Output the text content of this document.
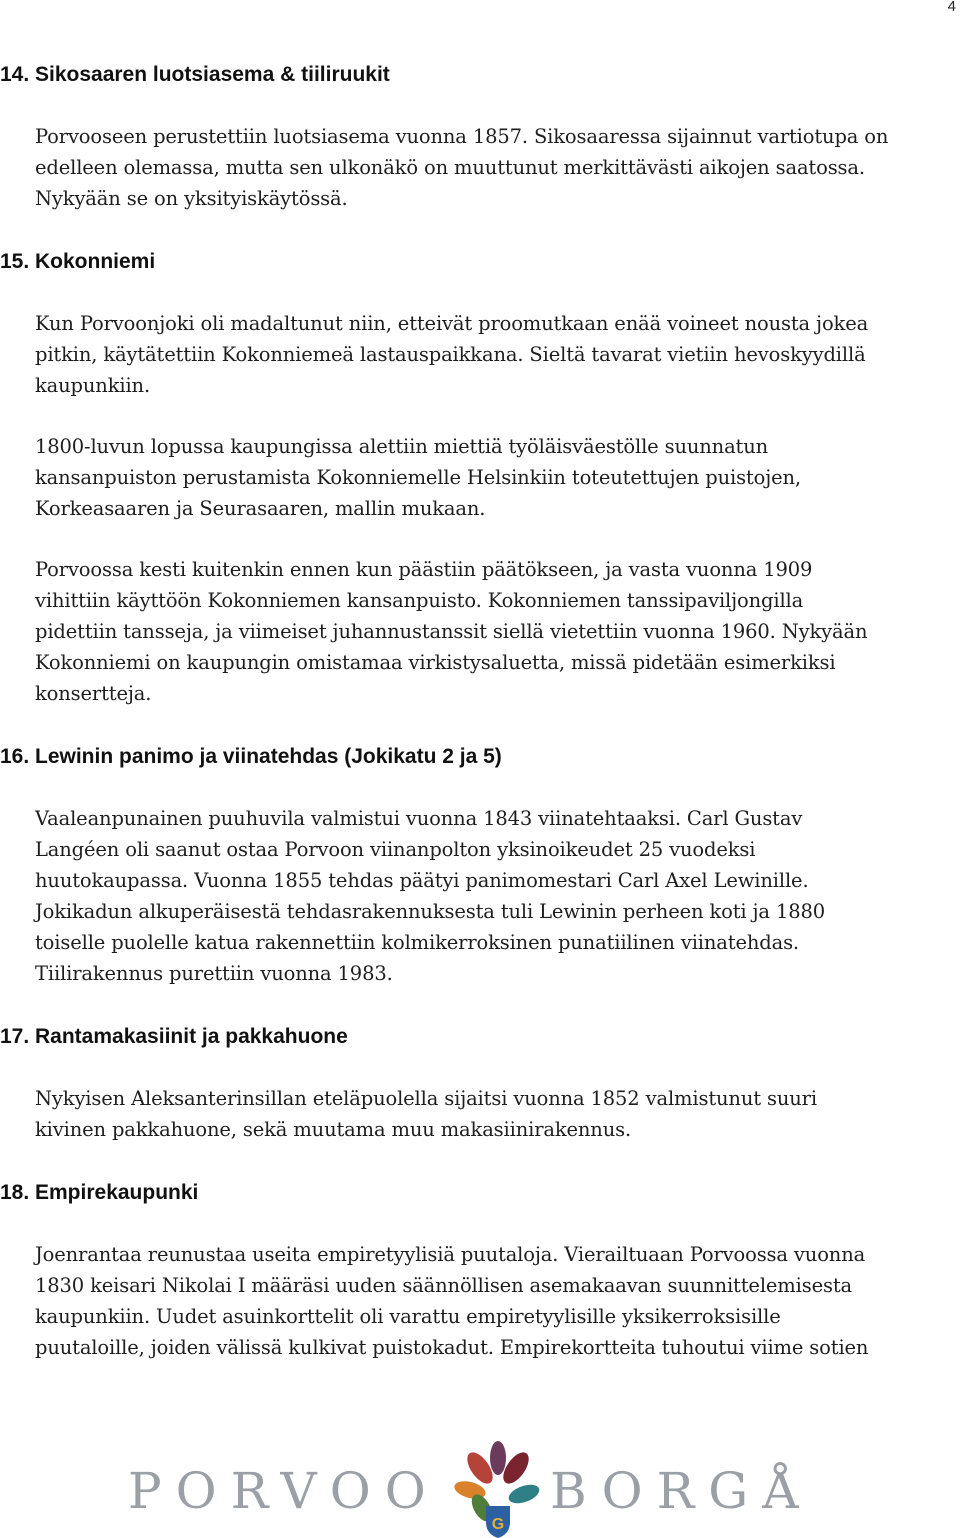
4
14. Sikosaaren luotsiasema & tiiliruukit
Porvooseen perustettiin luotsiasema vuonna 1857. Sikosaaressa sijainnut vartiotupa on
edelleen olemassa, mutta sen ulkonäkö on muuttunut merkittävästi aikojen saatossa.
Nykyään se on yksityiskäytössä.
15. Kokonniemi
Kun Porvoonjoki oli madaltunut niin, etteivät proomutkaan enää voineet nousta jokea
pitkin, käytätettiin Kokonniemeä lastauspaikkana. Sieltä tavarat vietiin hevoskyydillä
kaupunkiin.
1800-luvun lopussa kaupungissa alettiin miettiä työläisväestölle suunnatun
kansanpuiston perustamista Kokonniemelle Helsinkiin toteutettujen puistojen,
Korkeasaaren ja Seurasaaren, mallin mukaan.
Porvoossa kesti kuitenkin ennen kun päästiin päätökseen, ja vasta vuonna 1909
vihittiin käyttöön Kokonniemen kansanpuisto. Kokonniemen tanssipaviljongilla
pidettiin tansseja, ja viimeiset juhannustanssit siellä vietettiin vuonna 1960. Nykyään
Kokonniemi on kaupungin omistamaa virkistysaluetta, missä pidetään esimerkiksi
konsertteja.
16. Lewinin panimo ja viinatehdas (Jokikatu 2 ja 5)
Vaaleanpunainen puuhuvila valmistui vuonna 1843 viinatehtaaksi. Carl Gustav
Langéen oli saanut ostaa Porvoon viinanpolton yksinoikeudet 25 vuodeksi
huutokaupassa. Vuonna 1855 tehdas päätyi panimomestari Carl Axel Lewinille.
Jokikadun alkuperäisestä tehdasrakennuksesta tuli Lewinin perheen koti ja 1880
toiselle puolelle katua rakennettiin kolmikerroksinen punatiilinen viinatehdas.
Tiilirakennus purettiin vuonna 1983.
17. Rantamakasiinit ja pakkahuone
Nykyisen Aleksanterinsillan eteläpuolella sijaitsi vuonna 1852 valmistunut suuri
kivinen pakkahuone, sekä muutama muu makasiinirakennus.
18. Empirekaupunki
Joenrantaa reunustaa useita empiretyylisiä puutaloja. Vierailtuaan Porvoossa vuonna
1830 keisari Nikolai I määräsi uuden säännöllisen asemakaavan suunnittelemisesta
kaupunkiin. Uudet asuinkorttelit oli varattu empiretyylisille yksikerroksisille
puutaloille, joiden välissä kulkivat puistokadut. Empirekortteita tuhoutui viime sotien
PORVOO
G
BORGÅ
